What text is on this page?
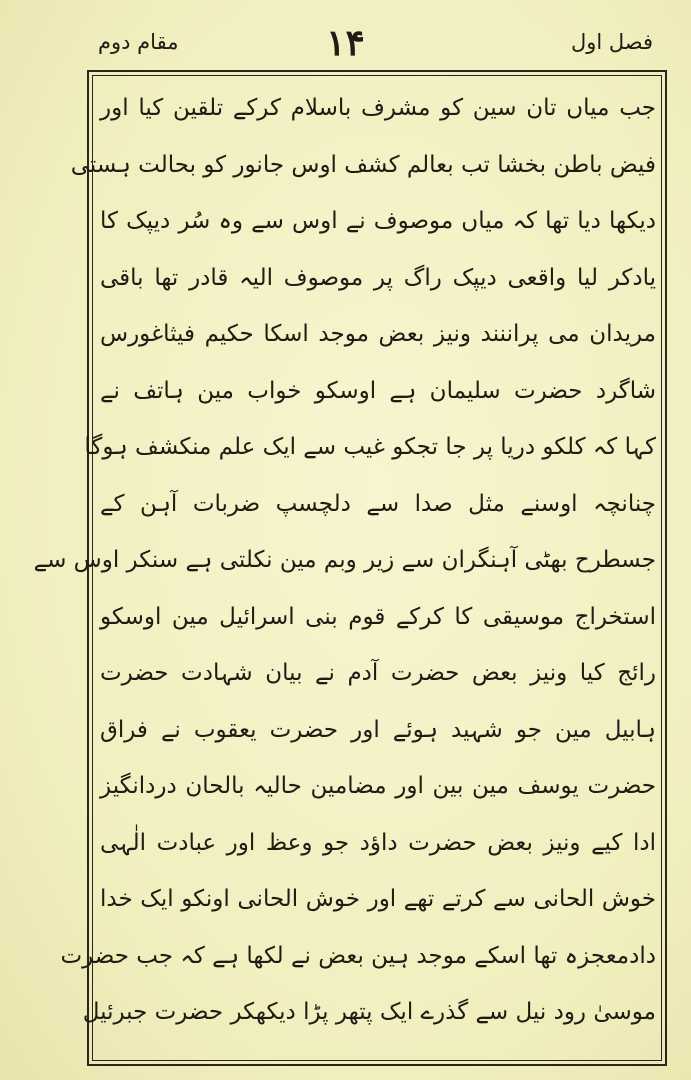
مقام دوم	١۴	فصل اول
جب میاں تان سین کو مشرف باسلام کرکے تلقین کیا اور
فیض باطن بخشا تب بعالم کشف اوس جانور کو بحالت ہستی
دیکھا دیا تھا کہ میاں موصوف نے اوس سے وہ سُر دیپک کا
یادکر لیا واقعی دیپک راگ پر موصوف الیہ قادر تھا باقی
مریدان می پراننند ونیز بعض موجد اسکا حکیم فیثاغورس
شاگرد حضرت سلیمان ہے اوسکو خواب مین ہاتف نے
کہا کہ کلکو دریا پر جا تجکو غیب سے ایک علم منکشف ہوگا
چنانچہ اوسنے مثل صدا سے دلچسپ ضربات آہن کے
جسطرح بھٹی آہنگران سے زیر وبم مین نکلتی ہے سنکر اوس سے
استخراج موسیقی کا کرکے قوم بنی اسرائیل مین اوسکو
رائج کیا ونیز بعض حضرت آدم نے بیان شہادت حضرت
ہابیل مین جو شہید ہوئے اور حضرت یعقوب نے فراق
حضرت یوسف مین بین اور مضامین حالیہ بالحان دردانگیز
ادا کیے ونیز بعض حضرت داؤد جو وعظ اور عبادت الٰہی
خوش الحانی سے کرتے تھے اور خوش الحانی اونکو ایک خدا
دادمعجزہ تھا اسکے موجد ہین بعض نے لکھا ہے کہ جب حضرت
موسیٰ رود نیل سے گذرے ایک پتھر پڑا دیکھکر حضرت جبرئیل
